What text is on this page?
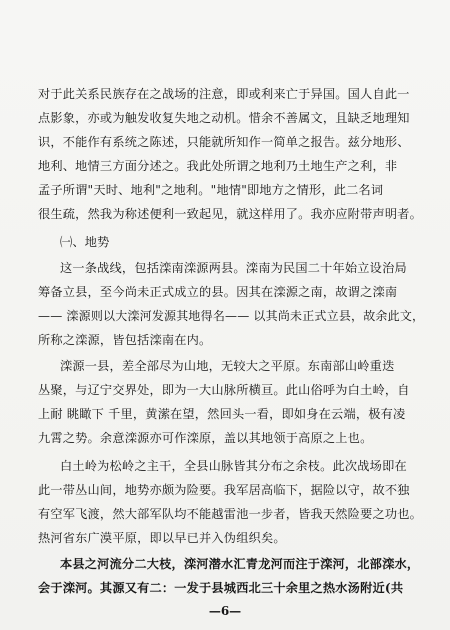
对于此关系民族存在之战场的注意，即或利来亡于异国。国人自此一
点影象，亦或为触发收复失地之动机。惜余不善属文，且缺乏地理知
识，不能作有系统之陈述，只能就所知作一简单之报告。兹分地形、
地利、地情三方面分述之。我此处所谓之地利乃土地生产之利，非
孟子所谓"天时、地利"之地利。"地情"即地方之情形，此二名词
很生疏，然我为称述便利一致起见，就这样用了。我亦应附带声明者。
㈠、地势
这一条战线，包括滦南滦源两县。滦南为民国二十年始立设治局
筹备立县，至今尚未正式成立的县。因其在滦源之南，故谓之滦南
—— 滦源则以大滦河发源其地得名—— 以其尚未正式立县，故余此文，
所称之滦源，皆包括滦南在内。
滦源一县，差全部尽为山地，无较大之平原。东南部山岭重迭
丛聚，与辽宁交界处，即为一大山脉所横亘。此山俗呼为白土岭，自
上耐 眺瞰下 千里，黄潆在望，然回头一看，即如身在云端，极有凌
九霄之势。余意滦源亦可作滦原，盖以其地领于高原之上也。
白土岭为松岭之主干，全县山脉皆其分布之余枝。此次战场即在
此一带丛山间，地势亦颇为险要。我军居高临下，据险以守，故不独
有空军飞渡，然大部军队均不能越雷池一步者，皆我天然险要之功也。
热河省东广漠平原，即以早已并入伪组织矣。
本县之河流分二大枝，滦河潜水汇青龙河而注于滦河，北部滦水，
会于滦河。其源又有二：一发于县城西北三十余里之热水汤附近(共
—6—
